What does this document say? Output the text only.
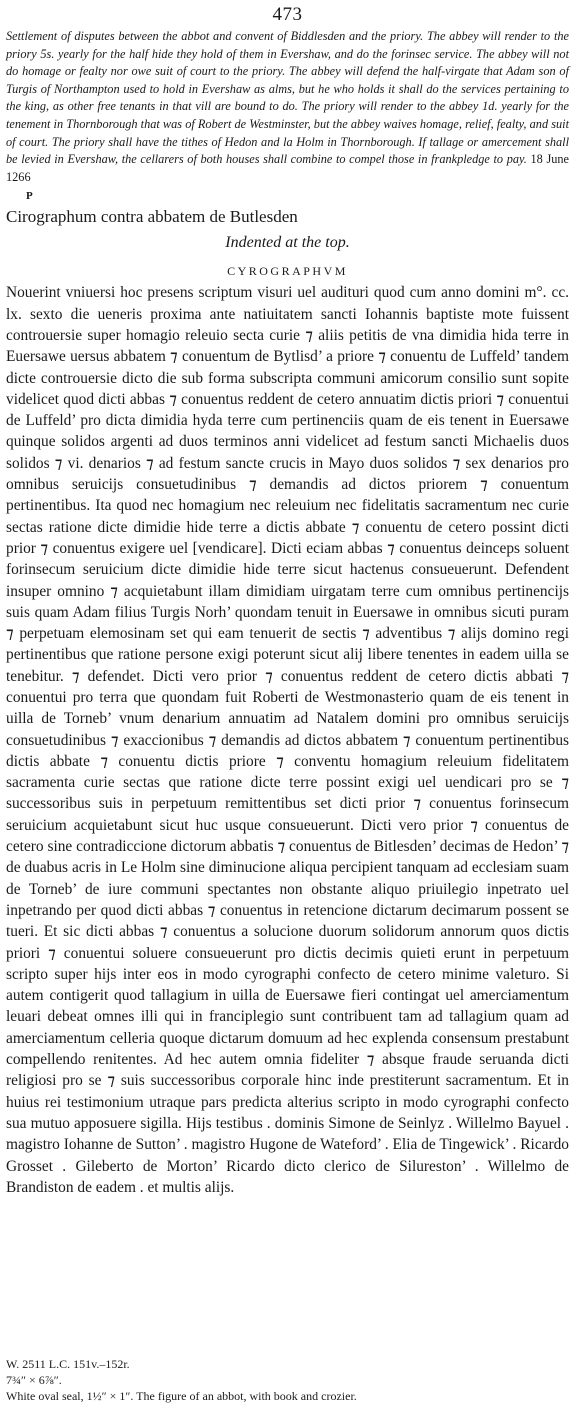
473

Settlement of disputes between the abbot and convent of Biddlesden and the priory. The abbey will render to the priory 5s. yearly for the half hide they hold of them in Evershaw, and do the forinsec service. The abbey will not do homage or fealty nor owe suit of court to the priory. The abbey will defend the half-virgate that Adam son of Turgis of Northampton used to hold in Evershaw as alms, but he who holds it shall do the services pertaining to the king, as other free tenants in that vill are bound to do. The priory will render to the abbey 1d. yearly for the tenement in Thornborough that was of Robert de Westminster, but the abbey waives homage, relief, fealty, and suit of court. The priory shall have the tithes of Hedon and la Holm in Thornborough. If tallage or amercement shall be levied in Evershaw, the cellarers of both houses shall combine to compel those in frankpledge to pay. 18 June 1266

P
Cirographum contra abbatem de Butlesden
Indented at the top.
CYROGRAPHVM

Nouerint vniuersi hoc presens scriptum visuri uel audituri quod cum anno domini m°. cc. lx. sexto die ueneris proxima ante natiuitatem sancti Iohannis baptiste mote fuissent controuersie super homagio releuio secta curie ⁊ aliis petitis de vna dimidia hida terre in Euersawe uersus abbatem ⁊ conuentum de Bytlisd’ a priore ⁊ conuentu de Luffeld’ tandem dicte controuersie dicto die sub forma subscripta communi amicorum consilio sunt sopite videlicet quod dicti abbas ⁊ conuentus reddent de cetero annuatim dictis priori ⁊ conuentui de Luffeld’ pro dicta dimidia hyda terre cum pertinenciis quam de eis tenent in Euersawe quinque solidos argenti ad duos terminos anni videlicet ad festum sancti Michaelis duos solidos ⁊ vi. denarios ⁊ ad festum sancte crucis in Mayo duos solidos ⁊ sex denarios pro omnibus seruicijs consuetudinibus ⁊ demandis ad dictos priorem ⁊ conuentum pertinentibus. Ita quod nec homagium nec releuium nec fidelitatis sacramentum nec curie sectas ratione dicte dimidie hide terre a dictis abbate ⁊ conuentu de cetero possint dicti prior ⁊ conuentus exigere uel [vendicare]. Dicti eciam abbas ⁊ conuentus deinceps soluent forinsecum seruicium dicte dimidie hide terre sicut hactenus consueuerunt. Defendent insuper omnino ⁊ acquietabunt illam dimidiam uirgatam terre cum omnibus pertinencijs suis quam Adam filius Turgis Norh’ quondam tenuit in Euersawe in omnibus sicuti puram ⁊ perpetuam elemosinam set qui eam tenuerit de sectis ⁊ adventibus ⁊ alijs domino regi pertinentibus que ratione persone exigi poterunt sicut alij libere tenentes in eadem uilla se tenebitur. ⁊ defendet. Dicti vero prior ⁊ conuentus reddent de cetero dictis abbati ⁊ conuentui pro terra que quondam fuit Roberti de Westmonasterio quam de eis tenent in uilla de Torneb’ vnum denarium annuatim ad Natalem domini pro omnibus seruicijs consuetudinibus ⁊ exaccionibus ⁊ demandis ad dictos abbatem ⁊ conuentum pertinentibus dictis abbate ⁊ conuentu dictis priore ⁊ conventu homagium releuium fidelitatem sacramenta curie sectas que ratione dicte terre possint exigi uel uendicari pro se ⁊ successoribus suis in perpetuum remittentibus set dicti prior ⁊ conuentus forinsecum seruicium acquietabunt sicut huc usque consueuerunt. Dicti vero prior ⁊ conuentus de cetero sine contradiccione dictorum abbatis ⁊ conuentus de Bitlesden’ decimas de Hedon’ ⁊ de duabus acris in Le Holm sine diminucione aliqua percipient tanquam ad ecclesiam suam de Torneb’ de iure communi spectantes non obstante aliquo priuilegio inpetrato uel inpetrando per quod dicti abbas ⁊ conuentus in retencione dictarum decimarum possent se tueri. Et sic dicti abbas ⁊ conuentus a solucione duorum solidorum annorum quos dictis priori ⁊ conuentui soluere consueuerunt pro dictis decimis quieti erunt in perpetuum scripto super hijs inter eos in modo cyrographi confecto de cetero minime valeturo. Si autem contigerit quod tallagium in uilla de Euersawe fieri contingat uel amerciamentum leuari debeat omnes illi qui in franciplegio sunt contribuent tam ad tallagium quam ad amerciamentum celleria quoque dictarum domuum ad hec explenda consensum prestabunt compellendo renitentes. Ad hec autem omnia fideliter ⁊ absque fraude seruanda dicti religiosi pro se ⁊ suis successoribus corporale hinc inde prestiterunt sacramentum. Et in huius rei testimonium utraque pars predicta alterius scripto in modo cyrographi confecto sua mutuo apposuere sigilla. Hijs testibus . dominis Simone de Seinlyz . Willelmo Bayuel . magistro Iohanne de Sutton’ . magistro Hugone de Wateford’ . Elia de Tingewick’ . Ricardo Grosset . Gileberto de Morton’ Ricardo dicto clerico de Silureston’ . Willelmo de Brandiston de eadem . et multis alijs.

W. 2511 L.C. 151v.–152r.

7¾″ × 6⅞″.

White oval seal, 1½″ × 1″. The figure of an abbot, with book and crozier.
